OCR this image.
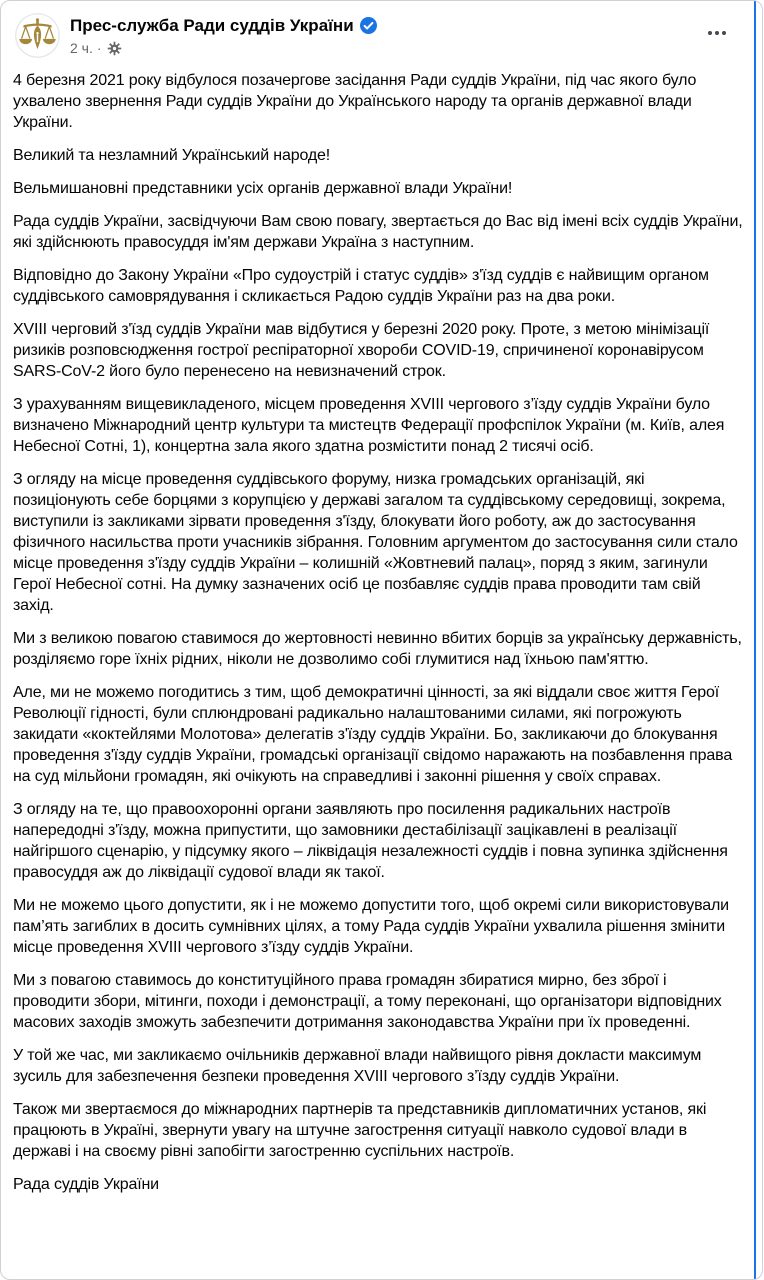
Прес-служба Ради суддів України
2 ч. ·

4 березня 2021 року відбулося позачергове засідання Ради суддів України, під час якого було ухвалено звернення Ради суддів України до Українського народу та органів державної влади України.

Великий та незламний Український народе!

Вельмишановні представники усіх органів державної влади України!

Рада суддів України, засвідчуючи Вам свою повагу, звертається до Вас від імені всіх суддів України, які здійснюють правосуддя ім'ям держави Україна з наступним.

Відповідно до Закону України «Про судоустрій і статус суддів» з'їзд суддів є найвищим органом суддівського самоврядування і скликається Радою суддів України раз на два роки.

XVIII черговий з'їзд суддів України мав відбутися у березні 2020 року. Проте, з метою мінімізації ризиків розповсюдження гострої респіраторної хвороби COVID-19, спричиненої коронавірусом SARS-CoV-2 його було перенесено на невизначений строк.

З урахуванням вищевикладеного, місцем проведення XVIII чергового з’їзду суддів України було визначено Міжнародний центр культури та мистецтв Федерації профспілок України (м. Київ, алея Небесної Сотні, 1), концертна зала якого здатна розмістити понад 2 тисячі осіб.

З огляду на місце проведення суддівського форуму, низка громадських організацій, які позиціонують себе борцями з корупцією у державі загалом та суддівському середовищі, зокрема, виступили із закликами зірвати проведення з'їзду, блокувати його роботу, аж до застосування фізичного насильства проти учасників зібрання. Головним аргументом до застосування сили стало місце проведення з'їзду суддів України – колишній «Жовтневий палац», поряд з яким, загинули Герої Небесної сотні. На думку зазначених осіб це позбавляє суддів права проводити там свій захід.

Ми з великою повагою ставимося до жертовності невинно вбитих борців за українську державність, розділяємо горе їхніх рідних, ніколи не дозволимо собі глумитися над їхньою пам'яттю.

Але, ми не можемо погодитись з тим, щоб демократичні цінності, за які віддали своє життя Герої Революції гідності, були сплюндровані радикально налаштованими силами, які погрожують закидати «коктейлями Молотова» делегатів з'їзду суддів України. Бо, закликаючи до блокування проведення з'їзду суддів України, громадські організації свідомо наражають на позбавлення права на суд мільйони громадян, які очікують на справедливі і законні рішення у своїх справах.

З огляду на те, що правоохоронні органи заявляють про посилення радикальних настроїв напередодні з'їзду, можна припустити, що замовники дестабілізації зацікавлені в реалізації найгіршого сценарію, у підсумку якого – ліквідація незалежності суддів і повна зупинка здійснення правосуддя аж до ліквідації судової влади як такої.

Ми не можемо цього допустити, як і не можемо допустити того, щоб окремі сили використовували пам’ять загиблих в досить сумнівних цілях, а тому Рада суддів України ухвалила рішення змінити місце проведення XVIII чергового з’їзду суддів України.

Ми з повагою ставимось до конституційного права громадян збиратися мирно, без зброї і проводити збори, мітинги, походи і демонстрації, а тому переконані, що організатори відповідних масових заходів зможуть забезпечити дотримання законодавства України при їх проведенні.

У той же час, ми закликаємо очільників державної влади найвищого рівня докласти максимум зусиль для забезпечення безпеки проведення XVIII чергового з’їзду суддів України.

Також ми звертаємося до міжнародних партнерів та представників дипломатичних установ, які працюють в Україні, звернути увагу на штучне загострення ситуації навколо судової влади в державі і на своєму рівні запобігти загостренню суспільних настроїв.

Рада суддів України
